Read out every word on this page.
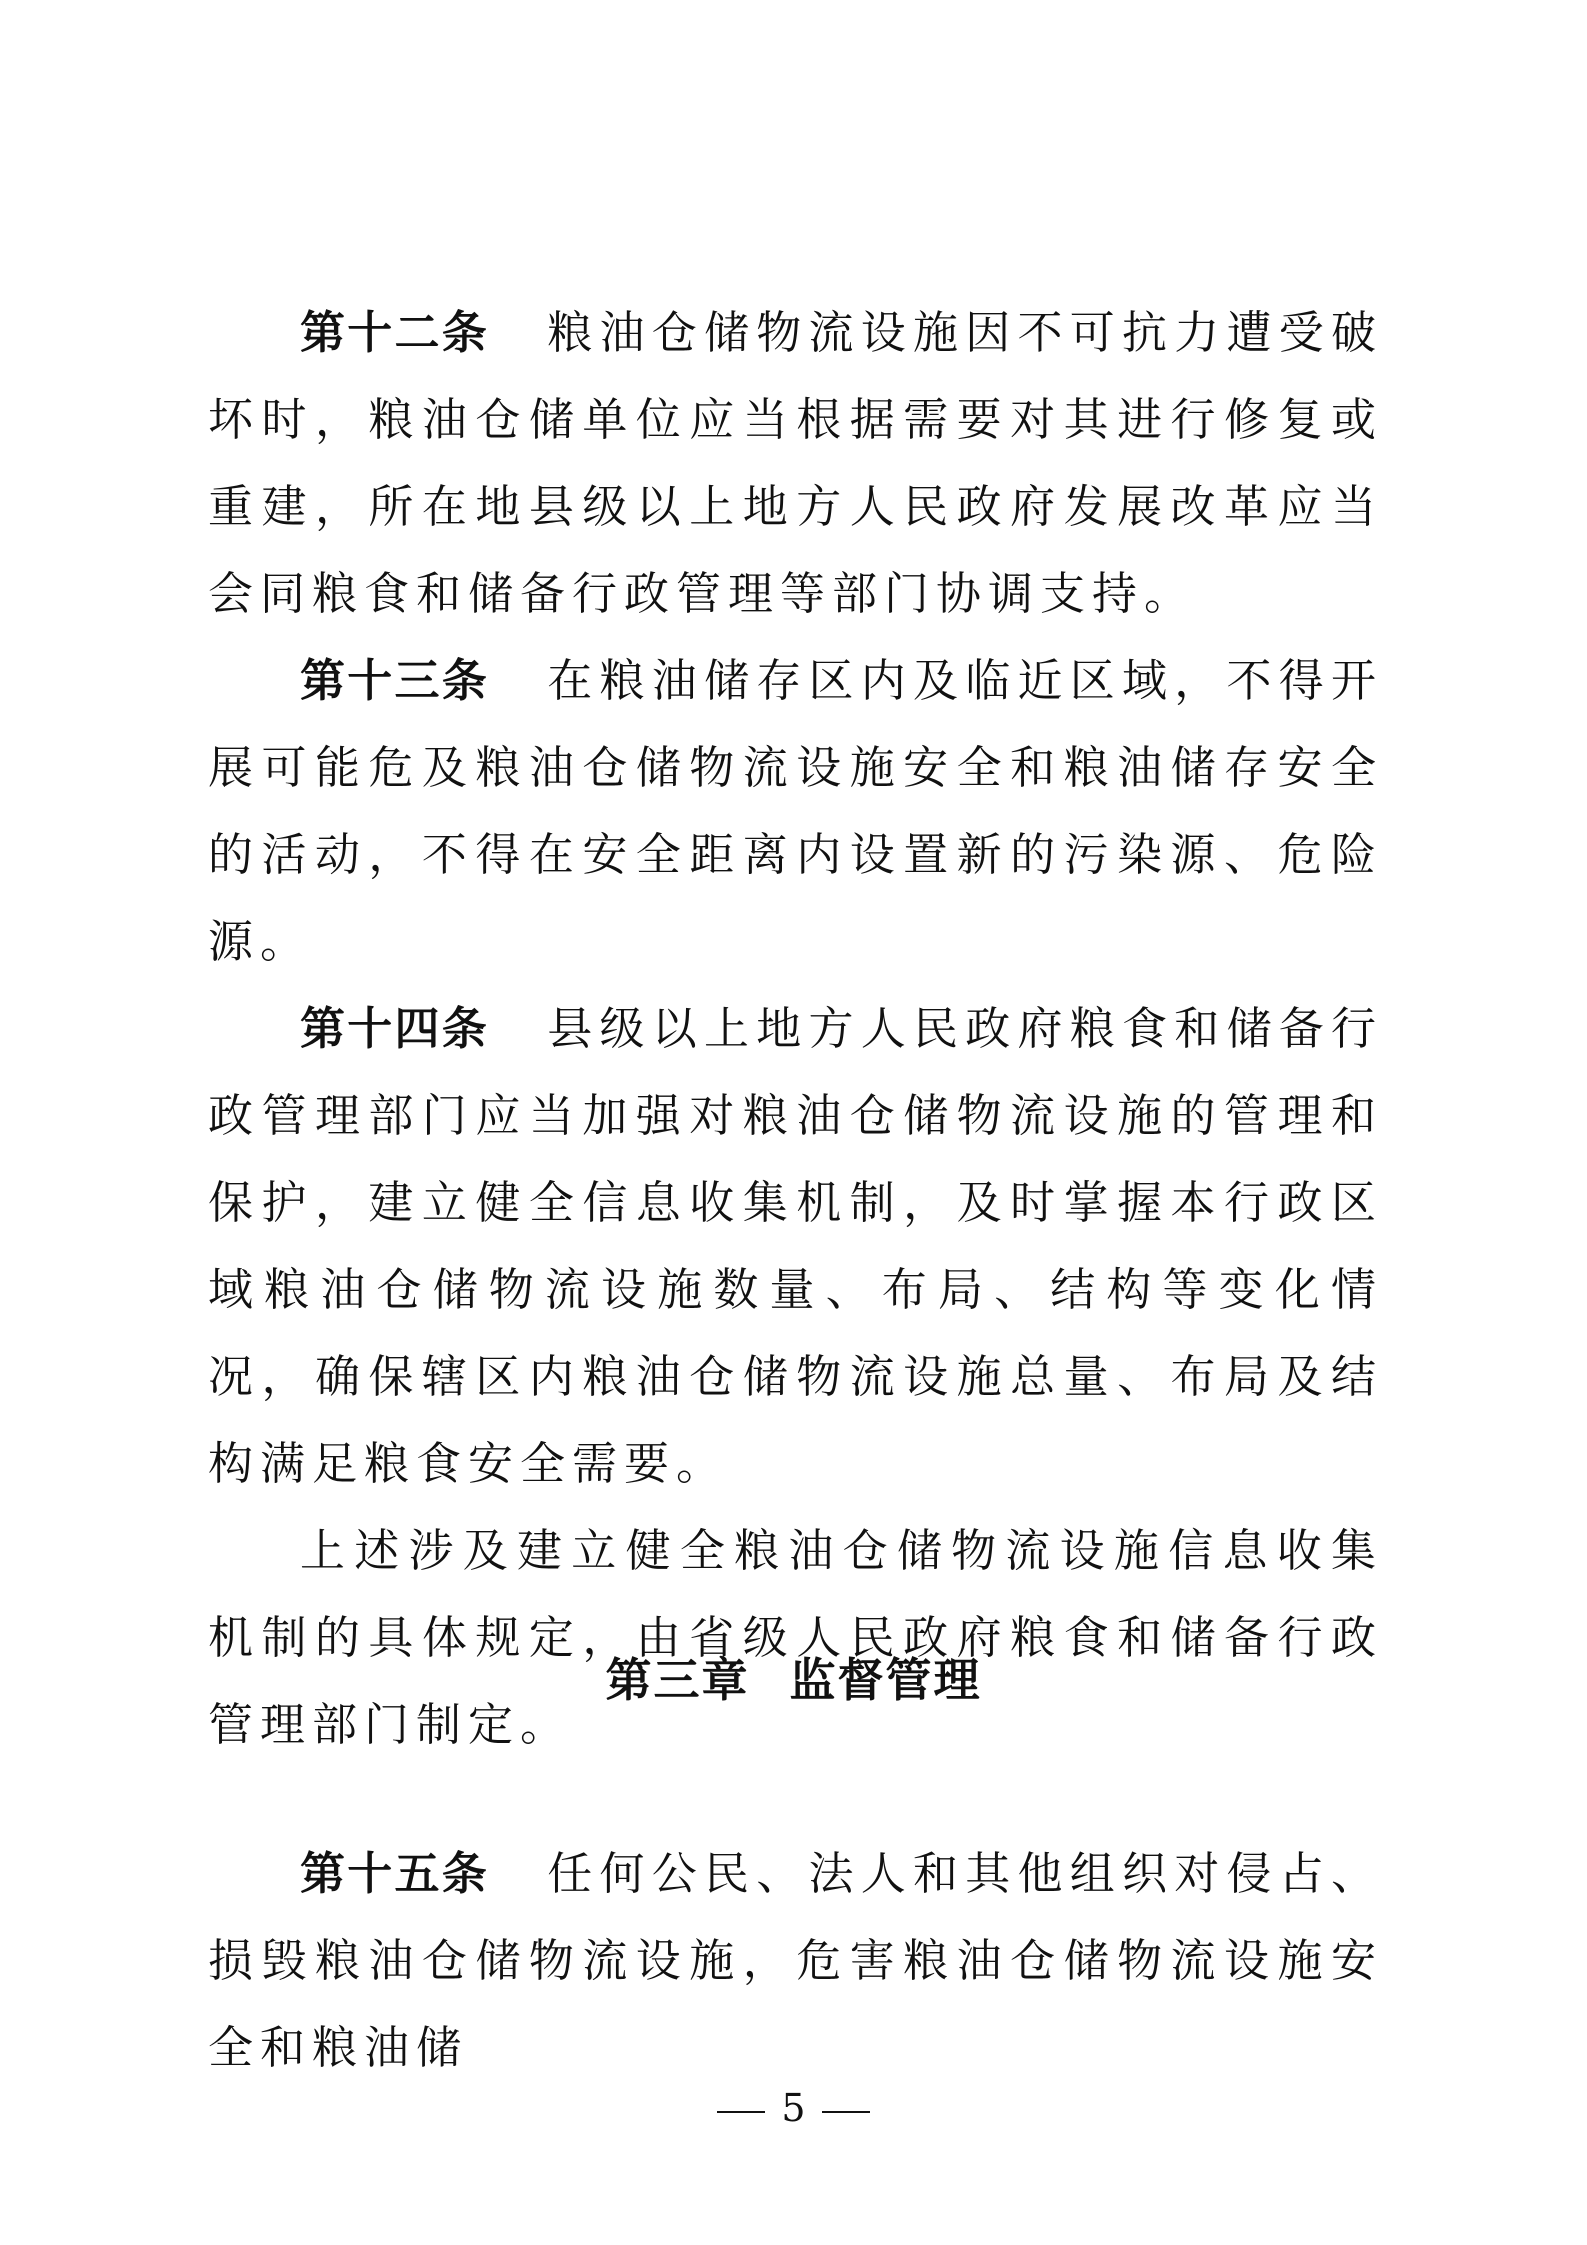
第十二条 粮油仓储物流设施因不可抗力遭受破坏时，粮油仓储单位应当根据需要对其进行修复或重建，所在地县级以上地方人民政府发展改革应当会同粮食和储备行政管理等部门协调支持。

第十三条 在粮油储存区内及临近区域，不得开展可能危及粮油仓储物流设施安全和粮油储存安全的活动，不得在安全距离内设置新的污染源、危险源。

第十四条 县级以上地方人民政府粮食和储备行政管理部门应当加强对粮油仓储物流设施的管理和保护，建立健全信息收集机制，及时掌握本行政区域粮油仓储物流设施数量、布局、结构等变化情况，确保辖区内粮油仓储物流设施总量、布局及结构满足粮食安全需要。

上述涉及建立健全粮油仓储物流设施信息收集机制的具体规定，由省级人民政府粮食和储备行政管理部门制定。

第三章 监督管理

第十五条 任何公民、法人和其他组织对侵占、损毁粮油仓储物流设施，危害粮油仓储物流设施安全和粮油储

5
